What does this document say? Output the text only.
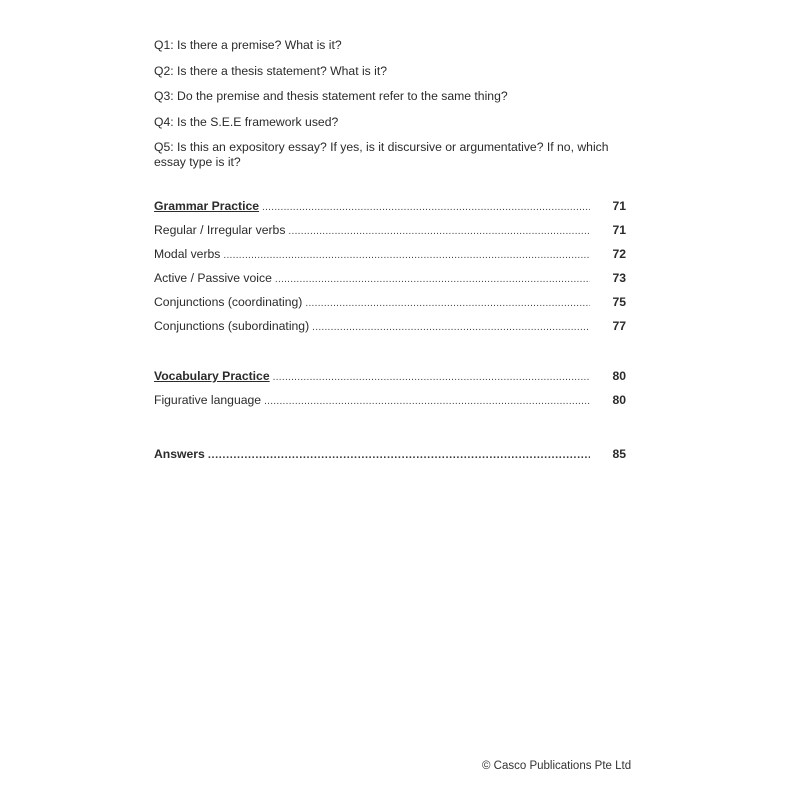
Q1: Is there a premise? What is it?

Q2: Is there a thesis statement? What is it?

Q3: Do the premise and thesis statement refer to the same thing?

Q4: Is the S.E.E framework used?

Q5: Is this an expository essay? If yes, is it discursive or argumentative? If no, which essay type is it?

Grammar Practice .....	71
Regular / Irregular verbs .....	71
Modal verbs .....	72
Active / Passive voice .....	73
Conjunctions (coordinating) .....	75
Conjunctions (subordinating) .....	77
Vocabulary Practice .....	80
Figurative language .....	80
Answers .....	85
© Casco Publications Pte Ltd
